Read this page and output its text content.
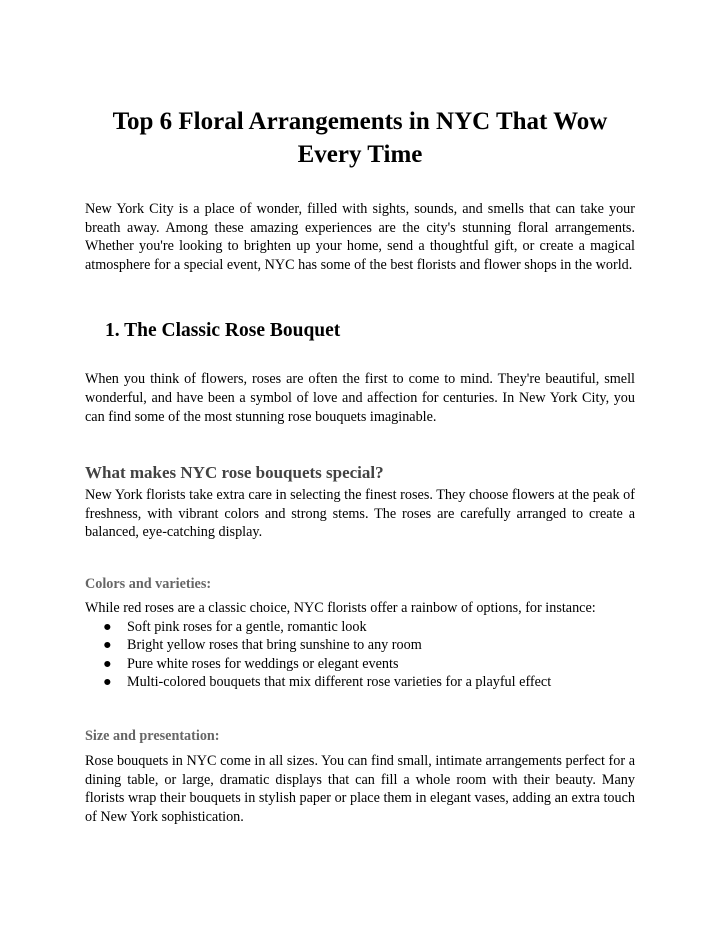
Top 6 Floral Arrangements in NYC That Wow Every Time

New York City is a place of wonder, filled with sights, sounds, and smells that can take your breath away. Among these amazing experiences are the city's stunning floral arrangements. Whether you're looking to brighten up your home, send a thoughtful gift, or create a magical atmosphere for a special event, NYC has some of the best florists and flower shops in the world.

1. The Classic Rose Bouquet

When you think of flowers, roses are often the first to come to mind. They're beautiful, smell wonderful, and have been a symbol of love and affection for centuries. In New York City, you can find some of the most stunning rose bouquets imaginable.

What makes NYC rose bouquets special?

New York florists take extra care in selecting the finest roses. They choose flowers at the peak of freshness, with vibrant colors and strong stems. The roses are carefully arranged to create a balanced, eye-catching display.

Colors and varieties:

While red roses are a classic choice, NYC florists offer a rainbow of options, for instance:

● Soft pink roses for a gentle, romantic look
● Bright yellow roses that bring sunshine to any room
● Pure white roses for weddings or elegant events
● Multi-colored bouquets that mix different rose varieties for a playful effect
Size and presentation:

Rose bouquets in NYC come in all sizes. You can find small, intimate arrangements perfect for a dining table, or large, dramatic displays that can fill a whole room with their beauty. Many florists wrap their bouquets in stylish paper or place them in elegant vases, adding an extra touch of New York sophistication.
